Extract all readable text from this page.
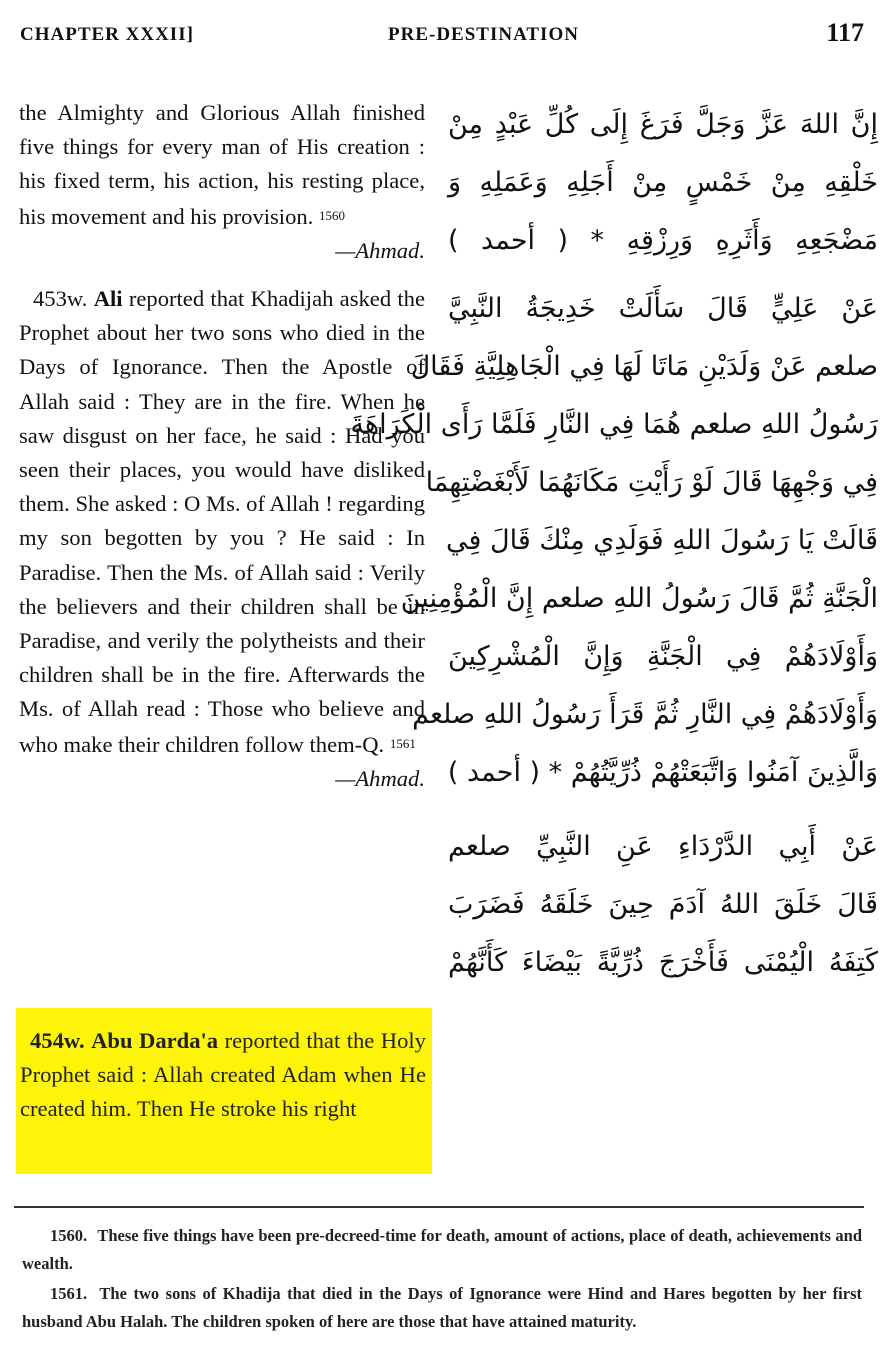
CHAPTER XXXII]	PRE-DESTINATION	117

the Almighty and Glorious Allah finished five things for every man of His creation : his fixed term, his action, his resting place, his movement and his provision. $^{1560}$
—Ahmad.

453w. Ali reported that Khadijah asked the Prophet about her two sons who died in the Days of Ignorance. Then the Apostle of Allah said : They are in the fire. When he saw disgust on her face, he said : Had you seen their places, you would have disliked them. She asked : O Ms. of Allah ! regarding my son begotten by you ? He said : In Paradise. Then the Ms. of Allah said : Verily the believers and their children shall be in Paradise, and verily the polytheists and their children shall be in the fire. Afterwards the Ms. of Allah read : Those who believe and who make their children follow them-Q. $^{1561}$
—Ahmad.

454w. Abu Darda'a reported that the Holy Prophet said : Allah created Adam when He created him. Then He stroke his right

إِنَّ اللهَ عَزَّ وَجَلَّ فَرَغَ إِلَى كُلِّ عَبْدٍ مِنْ
خَلْقِهِ مِنْ خَمْسٍ مِنْ أَجَلِهِ وَعَمَلِهِ وَ
مَضْجَعِهِ وَأَثَرِهِ وَرِزْقِهِ * ( أحمد )
عَنْ عَلِيٍّ قَالَ سَأَلَتْ خَدِيجَةُ النَّبِيَّ
صلعم عَنْ وَلَدَيْنِ مَاتَا لَهَا فِي الْجَاهِلِيَّةِ فَقَالَ
رَسُولُ اللهِ صلعم هُمَا فِي النَّارِ فَلَمَّا رَأَى الْكَرَاهَةَ
فِي وَجْهِهَا قَالَ لَوْ رَأَيْتِ مَكَانَهُمَا لَأَبْغَضْتِهِمَا
قَالَتْ يَا رَسُولَ اللهِ فَوَلَدِي مِنْكَ قَالَ فِي
الْجَنَّةِ ثُمَّ قَالَ رَسُولُ اللهِ صلعم إِنَّ الْمُؤْمِنِينَ
وَأَوْلَادَهُمْ فِي الْجَنَّةِ وَإِنَّ الْمُشْرِكِينَ
وَأَوْلَادَهُمْ فِي النَّارِ ثُمَّ قَرَأَ رَسُولُ اللهِ صلعم
وَالَّذِينَ آمَنُوا وَاتَّبَعَتْهُمْ ذُرِّيَّتُهُمْ * ( أحمد )
عَنْ أَبِي الدَّرْدَاءِ عَنِ النَّبِيِّ صلعم
قَالَ خَلَقَ اللهُ آدَمَ حِينَ خَلَقَهُ فَضَرَبَ
كَتِفَهُ الْيُمْنَى فَأَخْرَجَ ذُرِّيَّةً بَيْضَاءَ كَأَنَّهُمْ

1560. These five things have been pre-decreed-time for death, amount of actions, place of death, achievements and wealth.

1561. The two sons of Khadija that died in the Days of Ignorance were Hind and Hares begotten by her first husband Abu Halah. The children spoken of here are those that have attained maturity.
